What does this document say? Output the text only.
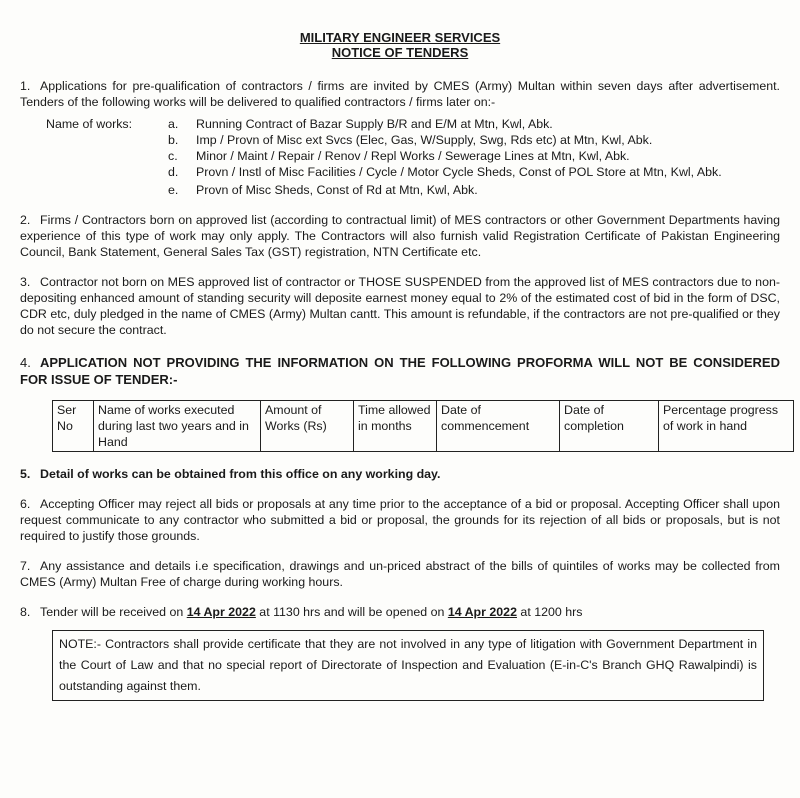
MILITARY ENGINEER SERVICES
NOTICE OF TENDERS

1. Applications for pre-qualification of contractors / firms are invited by CMES (Army) Multan within seven days after advertisement. Tenders of the following works will be delivered to qualified contractors / firms later on:-

Name of works:	a.	Running Contract of Bazar Supply B/R and E/M at Mtn, Kwl, Abk.
b.	Imp / Provn of Misc ext Svcs (Elec, Gas, W/Supply, Swg, Rds etc) at Mtn, Kwl, Abk.
c.	Minor / Maint / Repair / Renov / Repl Works / Sewerage Lines at Mtn, Kwl, Abk.
d.	Provn / Instl of Misc Facilities / Cycle / Motor Cycle Sheds, Const of POL Store at Mtn, Kwl, Abk.
e.	Provn of Misc Sheds, Const of Rd at Mtn, Kwl, Abk.

2. Firms / Contractors born on approved list (according to contractual limit) of MES contractors or other Government Departments having experience of this type of work may only apply. The Contractors will also furnish valid Registration Certificate of Pakistan Engineering Council, Bank Statement, General Sales Tax (GST) registration, NTN Certificate etc.

3. Contractor not born on MES approved list of contractor or THOSE SUSPENDED from the approved list of MES contractors due to non-depositing enhanced amount of standing security will deposite earnest money equal to 2% of the estimated cost of bid in the form of DSC, CDR etc, duly pledged in the name of CMES (Army) Multan cantt. This amount is refundable, if the contractors are not pre-qualified or they do not secure the contract.

4. APPLICATION NOT PROVIDING THE INFORMATION ON THE FOLLOWING PROFORMA WILL NOT BE CONSIDERED FOR ISSUE OF TENDER:-

Ser No	Name of works executed during last two years and in Hand	Amount of Works (Rs)	Time allowed in months	Date of commencement	Date of completion	Percentage progress of work in hand

5. Detail of works can be obtained from this office on any working day.

6. Accepting Officer may reject all bids or proposals at any time prior to the acceptance of a bid or proposal. Accepting Officer shall upon request communicate to any contractor who submitted a bid or proposal, the grounds for its rejection of all bids or proposals, but is not required to justify those grounds.

7. Any assistance and details i.e specification, drawings and un-priced abstract of the bills of quintiles of works may be collected from CMES (Army) Multan Free of charge during working hours.

8. Tender will be received on 14 Apr 2022 at 1130 hrs and will be opened on 14 Apr 2022 at 1200 hrs

NOTE:- Contractors shall provide certificate that they are not involved in any type of litigation with Government Department in the Court of Law and that no special report of Directorate of Inspection and Evaluation (E-in-C's Branch GHQ Rawalpindi) is outstanding against them.
